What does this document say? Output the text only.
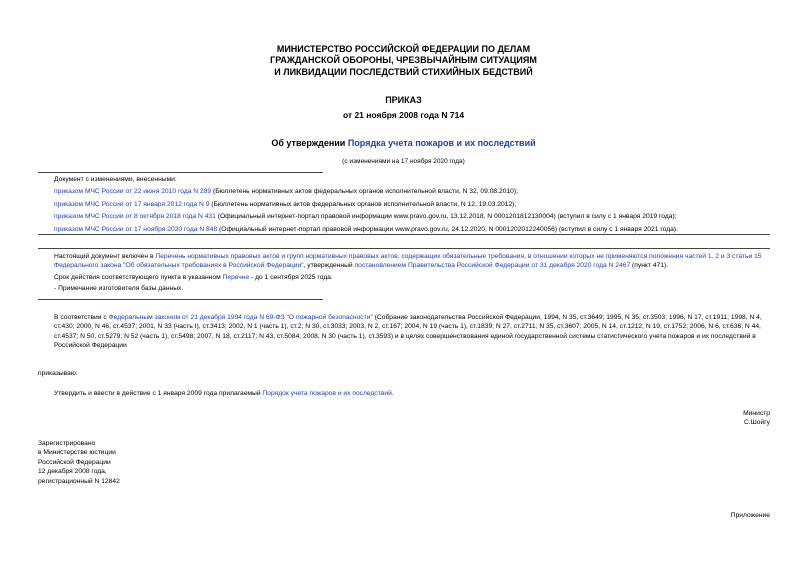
МИНИСТЕРСТВО РОССИЙСКОЙ ФЕДЕРАЦИИ ПО ДЕЛАМ
ГРАЖДАНСКОЙ ОБОРОНЫ, ЧРЕЗВЫЧАЙНЫМ СИТУАЦИЯМ
И ЛИКВИДАЦИИ ПОСЛЕДСТВИЙ СТИХИЙНЫХ БЕДСТВИЙ
ПРИКАЗ
от 21 ноября 2008 года N 714
Об утверждении Порядка учета пожаров и их последствий
(с изменениями на 17 ноября 2020 года)
Документ с изменениями, внесенными:
приказом МЧС России от 22 июня 2010 года N 289 (Бюллетень нормативных актов федеральных органов исполнительной власти, N 32, 09.08.2010);
приказом МЧС России от 17 января 2012 года N 9 (Бюллетень нормативных актов федеральных органов исполнительной власти, N 12, 19.03.2012);
приказом МЧС России от 8 октября 2018 года N 431 (Официальный интернет-портал правовой информации www.pravo.gov.ru, 13.12.2018, N 0001201812130004) (вступил в силу с 1 января 2019 года);
приказом МЧС России от 17 ноября 2020 года N 848 (Официальный интернет-портал правовой информации www.pravo.gov.ru, 24.12.2020, N 0001202012240056) (вступил в силу с 1 января 2021 года).
Настоящий документ включен в Перечень нормативных правовых актов и групп нормативных правовых актов, содержащих обязательные требования, в отношении которых не применяются положения частей 1, 2 и 3 статьи 15 Федерального закона "Об обязательных требованиях в Российской Федерации", утвержденный постановлением Правительства Российской Федерации от 31 декабря 2020 года N 2467 (пункт 471).
Срок действия соответствующего пункта в указанном Перечне - до 1 сентября 2025 года.
- Примечание изготовителя базы данных.
В соответствии с Федеральным законом от 21 декабря 1994 года N 69-ФЗ "О пожарной безопасности" (Собрание законодательства Российской Федерации, 1994, N 35, ст.3649; 1995, N 35, ст.3503; 1996, N 17, ст.1911; 1998, N 4, ст.430; 2000, N 46, ст.4537; 2001, N 33 (часть I), ст.3413; 2002, N 1 (часть 1), ст.2; N 30, ст.3033; 2003, N 2, ст.167; 2004, N 19 (часть 1), ст.1839; N 27, ст.2711; N 35, ст.3607; 2005, N 14, ст.1212; N 19, ст.1752; 2006, N 6, ст.636; N 44, ст.4537; N 50, ст.5279; N 52 (часть 1), ст.5498; 2007, N 18, ст.2117; N 43, ст.5084; 2008, N 30 (часть 1), ст.3593) и в целях совершенствования единой государственной системы статистического учета пожаров и их последствий в Российской Федерации
приказываю:
Утвердить и ввести в действие с 1 января 2009 года прилагаемый Порядок учета пожаров и их последствий.
Министр
С.Шойгу
Зарегистрировано
в Министерстве юстиции
Российской Федерации
12 декабря 2008 года,
регистрационный N 12842
Приложение
